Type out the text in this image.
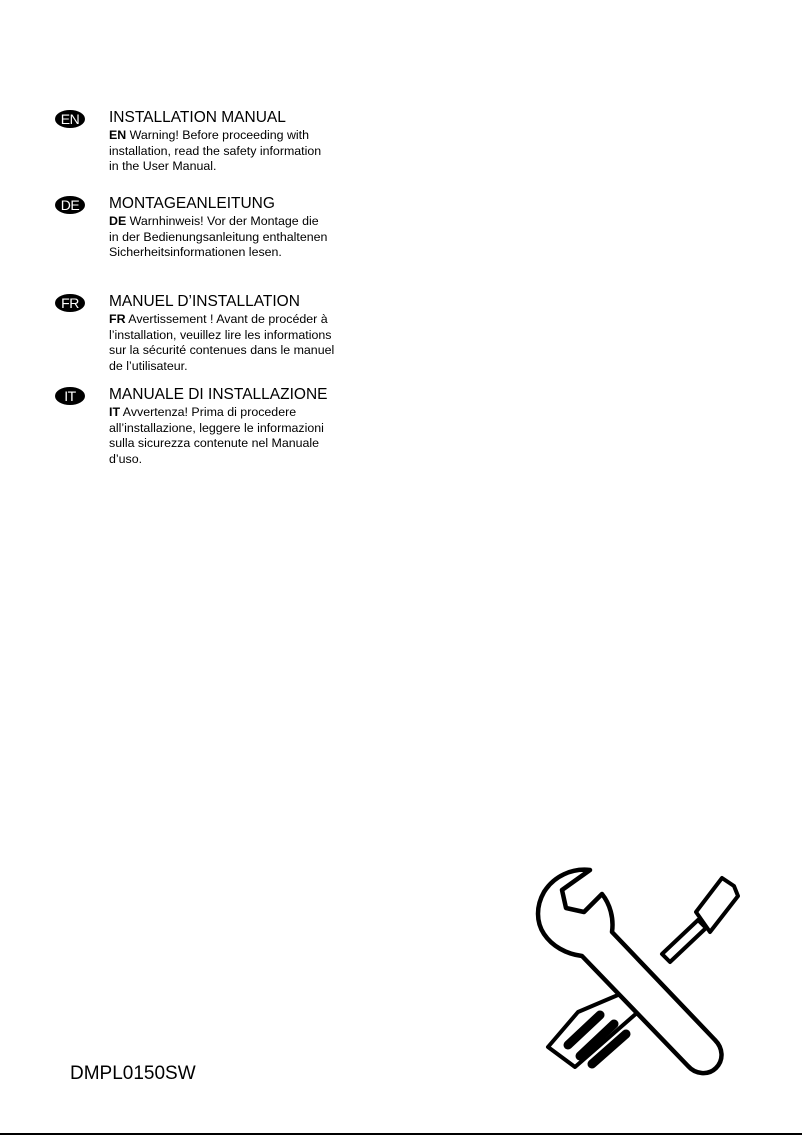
EN	INSTALLATION MANUAL

EN Warning! Before proceeding with

installation, read the safety information

in the User Manual.

DE	MONTAGEANLEITUNG

DE Warnhinweis! Vor der Montage die

in der Bedienungsanleitung enthaltenen

Sicherheitsinformationen lesen.

FR	MANUEL D’INSTALLATION

FR Avertissement ! Avant de procéder à

l’installation, veuillez lire les informations

sur la sécurité contenues dans le manuel

de l’utilisateur.

IT	MANUALE DI INSTALLAZIONE

IT Avvertenza! Prima di procedere

all’installazione, leggere le informazioni

sulla sicurezza contenute nel Manuale

d’uso.

DMPL0150SW
